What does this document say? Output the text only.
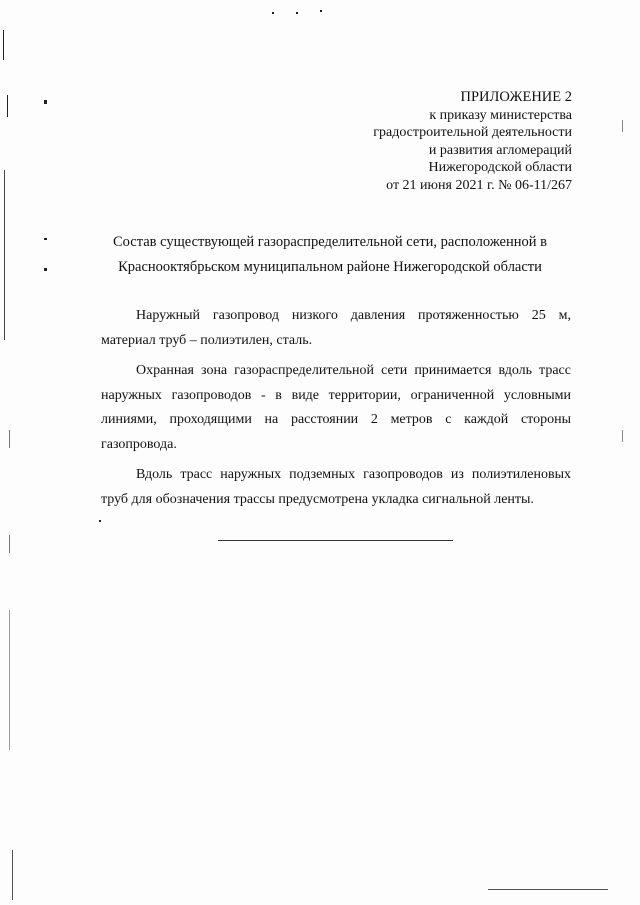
ПРИЛОЖЕНИЕ 2
к приказу министерства
градостроительной деятельности
и развития агломераций
Нижегородской области
от 21 июня 2021 г. № 06-11/267
Состав существующей газораспределительной сети, расположенной в
Краснооктябрьском муниципальном районе Нижегородской области

Наружный газопровод низкого давления протяженностью 25 м,
материал труб – полиэтилен, сталь.

Охранная зона газораспределительной сети принимается вдоль трасс
наружных газопроводов - в виде территории, ограниченной условными
линиями, проходящими на расстоянии 2 метров с каждой стороны
газопровода.

Вдоль трасс наружных подземных газопроводов из полиэтиленовых
труб для обозначения трассы предусмотрена укладка сигнальной ленты.
